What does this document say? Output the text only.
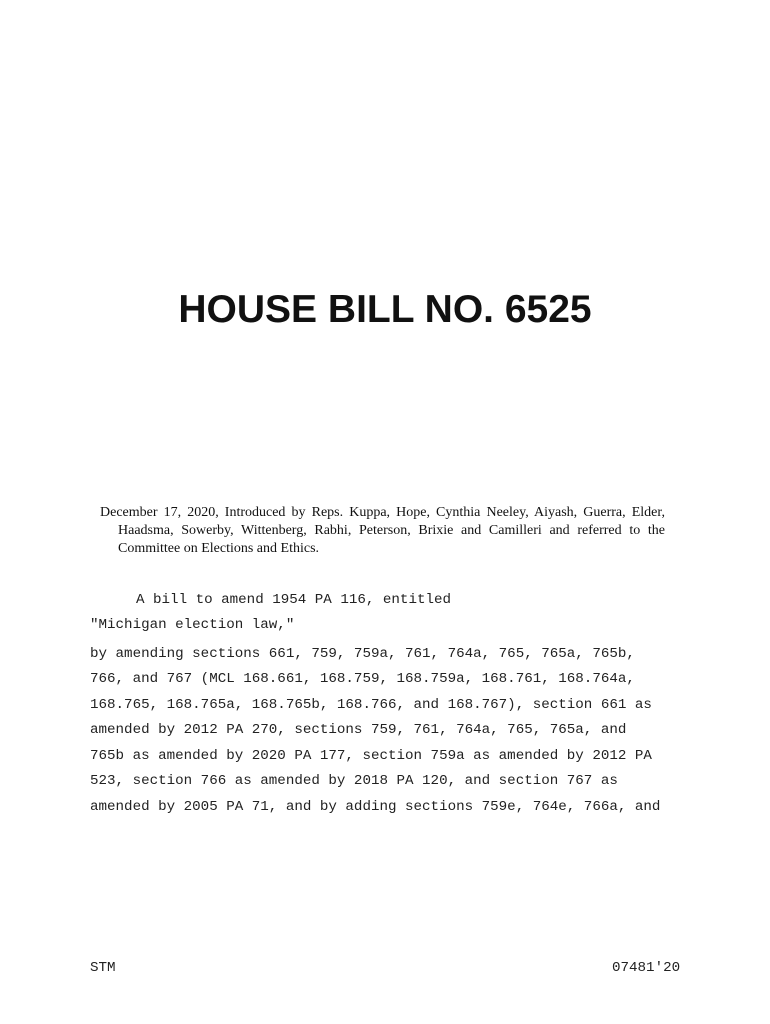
HOUSE BILL NO. 6525
December 17, 2020, Introduced by Reps. Kuppa, Hope, Cynthia Neeley, Aiyash, Guerra, Elder, Haadsma, Sowerby, Wittenberg, Rabhi, Peterson, Brixie and Camilleri and referred to the Committee on Elections and Ethics.
A bill to amend 1954 PA 116, entitled
"Michigan election law,"
by amending sections 661, 759, 759a, 761, 764a, 765, 765a, 765b,
766, and 767 (MCL 168.661, 168.759, 168.759a, 168.761, 168.764a,
168.765, 168.765a, 168.765b, 168.766, and 168.767), section 661 as
amended by 2012 PA 270, sections 759, 761, 764a, 765, 765a, and
765b as amended by 2020 PA 177, section 759a as amended by 2012 PA
523, section 766 as amended by 2018 PA 120, and section 767 as
amended by 2005 PA 71, and by adding sections 759e, 764e, 766a, and
STM	07481'20
